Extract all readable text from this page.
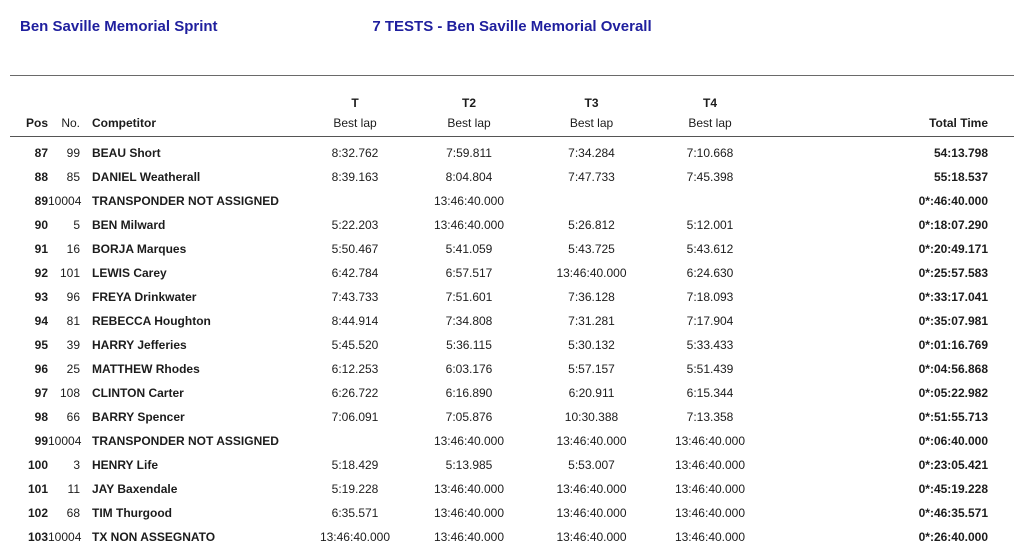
Ben Saville Memorial Sprint	7 TESTS - Ben Saville Memorial Overall
			T	T2	T3	T4	
Pos	No.	Competitor	Best lap	Best lap	Best lap	Best lap	Total Time
87	99	BEAU Short	8:32.762	7:59.811	7:34.284	7:10.668	54:13.798
88	85	DANIEL Weatherall	8:39.163	8:04.804	7:47.733	7:45.398	55:18.537
89	10004	TRANSPONDER NOT ASSIGNED		13:46:40.000			0*:46:40.000
90	5	BEN Milward	5:22.203	13:46:40.000	5:26.812	5:12.001	0*:18:07.290
91	16	BORJA Marques	5:50.467	5:41.059	5:43.725	5:43.612	0*:20:49.171
92	101	LEWIS Carey	6:42.784	6:57.517	13:46:40.000	6:24.630	0*:25:57.583
93	96	FREYA Drinkwater	7:43.733	7:51.601	7:36.128	7:18.093	0*:33:17.041
94	81	REBECCA Houghton	8:44.914	7:34.808	7:31.281	7:17.904	0*:35:07.981
95	39	HARRY Jefferies	5:45.520	5:36.115	5:30.132	5:33.433	0*:01:16.769
96	25	MATTHEW Rhodes	6:12.253	6:03.176	5:57.157	5:51.439	0*:04:56.868
97	108	CLINTON Carter	6:26.722	6:16.890	6:20.911	6:15.344	0*:05:22.982
98	66	BARRY Spencer	7:06.091	7:05.876	10:30.388	7:13.358	0*:51:55.713
99	10004	TRANSPONDER NOT ASSIGNED		13:46:40.000	13:46:40.000	13:46:40.000	0*:06:40.000
100	3	HENRY Life	5:18.429	5:13.985	5:53.007	13:46:40.000	0*:23:05.421
101	11	JAY Baxendale	5:19.228	13:46:40.000	13:46:40.000	13:46:40.000	0*:45:19.228
102	68	TIM Thurgood	6:35.571	13:46:40.000	13:46:40.000	13:46:40.000	0*:46:35.571
103	10004	TX NON ASSEGNATO	13:46:40.000	13:46:40.000	13:46:40.000	13:46:40.000	0*:26:40.000
